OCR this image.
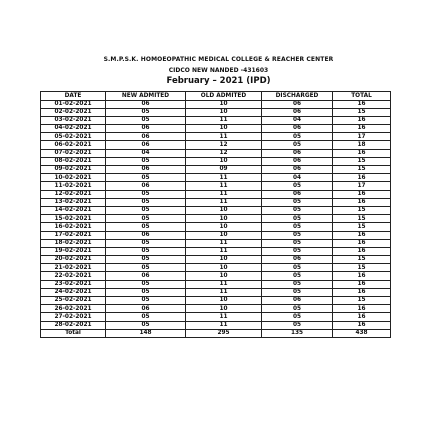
S.M.P.S.K. HOMOEOPATHIC MEDICAL COLLEGE & REACHER CENTER
CIDCO NEW NANDED -431603
February – 2021 (IPD)
DATE	NEW ADMITED	OLD ADMITED	DISCHARGED	TOTAL
01-02-2021	06	10	06	16
02-02-2021	05	10	06	15
03-02-2021	05	11	04	16
04-02-2021	06	10	06	16
05-02-2021	06	11	05	17
06-02-2021	06	12	05	18
07-02-2021	04	12	06	16
08-02-2021	05	10	06	15
09-02-2021	06	09	06	15
10-02-2021	05	11	04	16
11-02-2021	06	11	05	17
12-02-2021	05	11	06	16
13-02-2021	05	11	05	16
14-02-2021	05	10	05	15
15-02-2021	05	10	05	15
16-02-2021	05	10	05	15
17-02-2021	06	10	05	16
18-02-2021	05	11	05	16
19-02-2021	05	11	05	16
20-02-2021	05	10	06	15
21-02-2021	05	10	05	15
22-02-2021	06	10	05	16
23-02-2021	05	11	05	16
24-02-2021	05	11	05	16
25-02-2021	05	10	06	15
26-02-2021	06	10	05	16
27-02-2021	05	11	05	16
28-02-2021	05	11	05	16
Total	148	295	135	438
